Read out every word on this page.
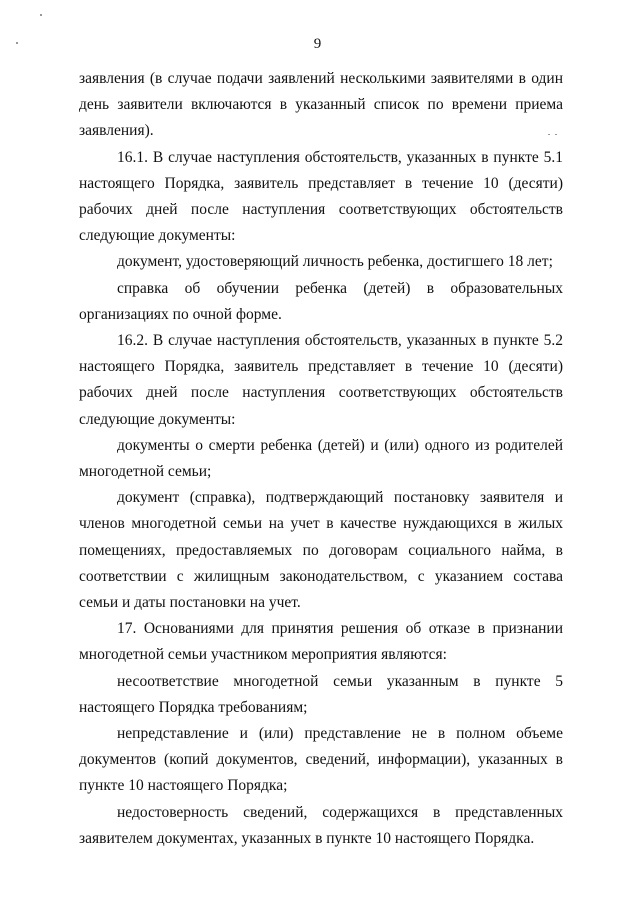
9

заявления (в случае подачи заявлений несколькими заявителями в один день заявители включаются в указанный список по времени приема заявления).

16.1. В случае наступления обстоятельств, указанных в пункте 5.1 настоящего Порядка, заявитель представляет в течение 10 (десяти) рабочих дней после наступления соответствующих обстоятельств следующие документы:

документ, удостоверяющий личность ребенка, достигшего 18 лет;

справка об обучении ребенка (детей) в образовательных организациях по очной форме.

16.2. В случае наступления обстоятельств, указанных в пункте 5.2 настоящего Порядка, заявитель представляет в течение 10 (десяти) рабочих дней после наступления соответствующих обстоятельств следующие документы:

документы о смерти ребенка (детей) и (или) одного из родителей многодетной семьи;

документ (справка), подтверждающий постановку заявителя и членов многодетной семьи на учет в качестве нуждающихся в жилых помещениях, предоставляемых по договорам социального найма, в соответствии с жилищным законодательством, с указанием состава семьи и даты постановки на учет.

17. Основаниями для принятия решения об отказе в признании многодетной семьи участником мероприятия являются:

несоответствие многодетной семьи указанным в пункте 5 настоящего Порядка требованиям;

непредставление и (или) представление не в полном объеме документов (копий документов, сведений, информации), указанных в пункте 10 настоящего Порядка;

недостоверность сведений, содержащихся в представленных заявителем документах, указанных в пункте 10 настоящего Порядка.
